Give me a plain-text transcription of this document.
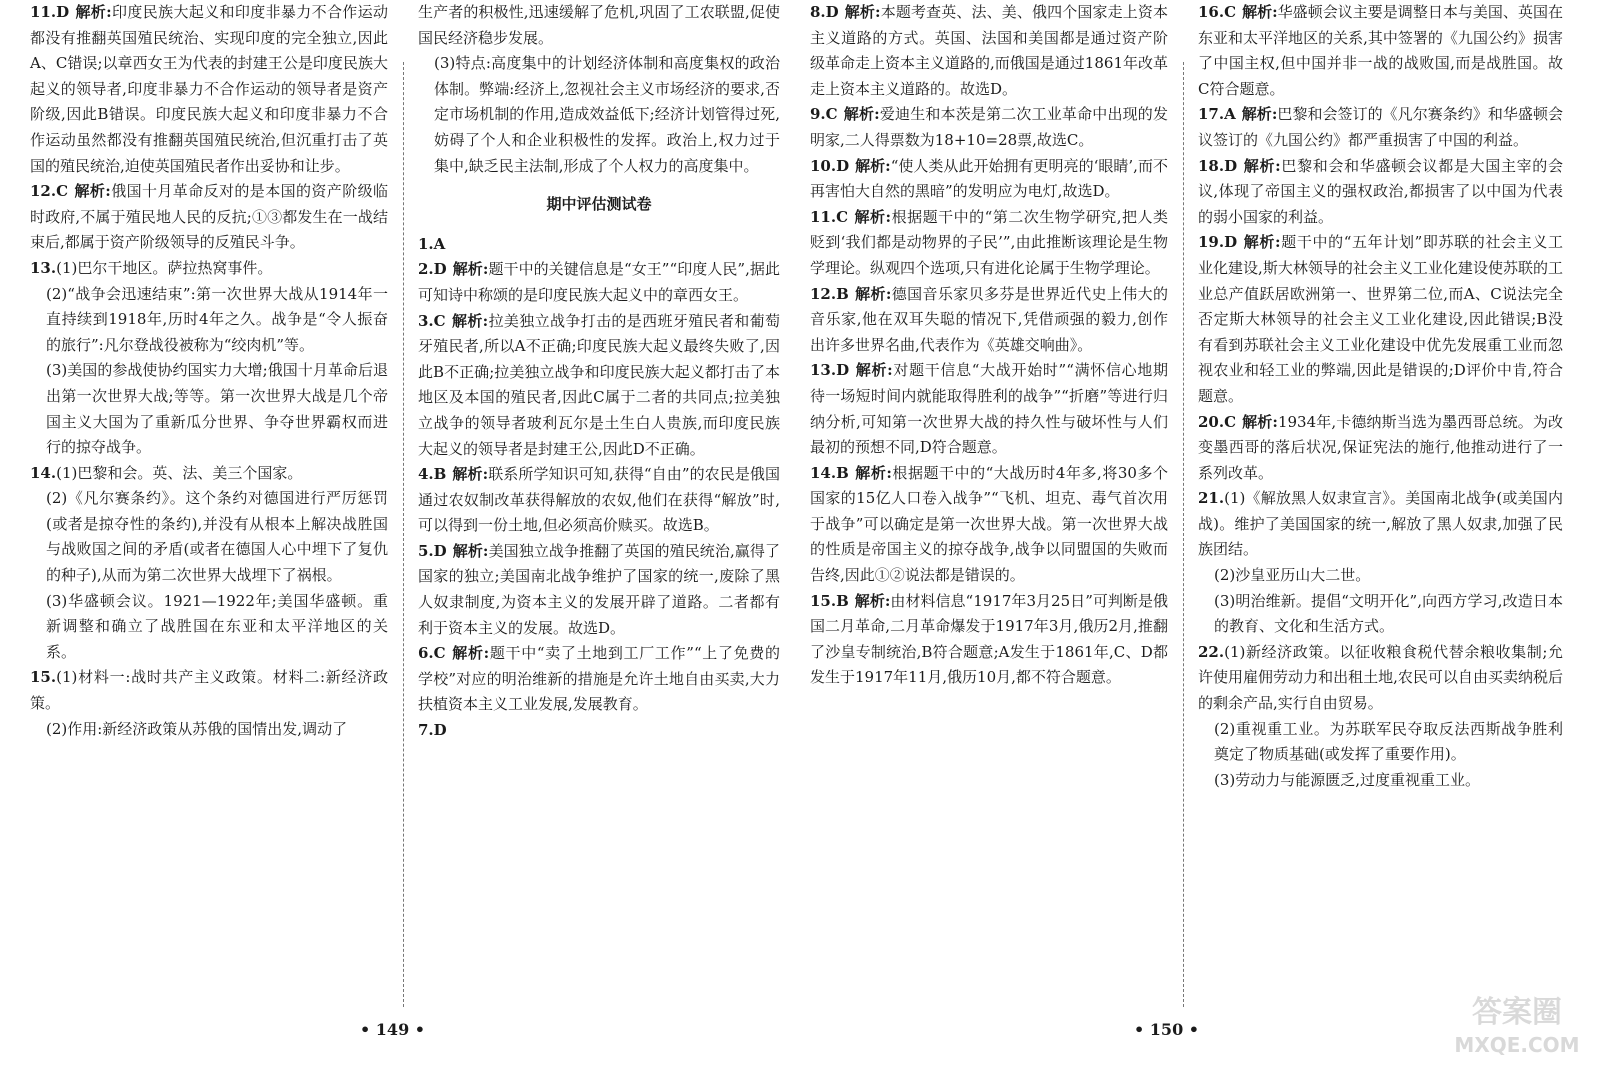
11.D 解析:印度民族大起义和印度非暴力不合作运动都没有推翻英国殖民统治、实现印度的完全独立,因此A、C错误;以章西女王为代表的封建王公是印度民族大起义的领导者,印度非暴力不合作运动的领导者是资产阶级,因此B错误。印度民族大起义和印度非暴力不合作运动虽然都没有推翻英国殖民统治,但沉重打击了英国的殖民统治,迫使英国殖民者作出妥协和让步。

12.C 解析:俄国十月革命反对的是本国的资产阶级临时政府,不属于殖民地人民的反抗;①③都发生在一战结束后,都属于资产阶级领导的反殖民斗争。

13.(1)巴尔干地区。萨拉热窝事件。

(2)“战争会迅速结束”:第一次世界大战从1914年一直持续到1918年,历时4年之久。战争是“令人振奋的旅行”:凡尔登战役被称为“绞肉机”等。

(3)美国的参战使协约国实力大增;俄国十月革命后退出第一次世界大战;等等。第一次世界大战是几个帝国主义大国为了重新瓜分世界、争夺世界霸权而进行的掠夺战争。

14.(1)巴黎和会。英、法、美三个国家。

(2)《凡尔赛条约》。这个条约对德国进行严厉惩罚(或者是掠夺性的条约),并没有从根本上解决战胜国与战败国之间的矛盾(或者在德国人心中埋下了复仇的种子),从而为第二次世界大战埋下了祸根。

(3)华盛顿会议。1921—1922年;美国华盛顿。重新调整和确立了战胜国在东亚和太平洋地区的关系。

15.(1)材料一:战时共产主义政策。材料二:新经济政策。

(2)作用:新经济政策从苏俄的国情出发,调动了

生产者的积极性,迅速缓解了危机,巩固了工农联盟,促使国民经济稳步发展。

(3)特点:高度集中的计划经济体制和高度集权的政治体制。弊端:经济上,忽视社会主义市场经济的要求,否定市场机制的作用,造成效益低下;经济计划管得过死,妨碍了个人和企业积极性的发挥。政治上,权力过于集中,缺乏民主法制,形成了个人权力的高度集中。

期中评估测试卷

1.A

2.D 解析:题干中的关键信息是“女王”“印度人民”,据此可知诗中称颂的是印度民族大起义中的章西女王。

3.C 解析:拉美独立战争打击的是西班牙殖民者和葡萄牙殖民者,所以A不正确;印度民族大起义最终失败了,因此B不正确;拉美独立战争和印度民族大起义都打击了本地区及本国的殖民者,因此C属于二者的共同点;拉美独立战争的领导者玻利瓦尔是土生白人贵族,而印度民族大起义的领导者是封建王公,因此D不正确。

4.B 解析:联系所学知识可知,获得“自由”的农民是俄国通过农奴制改革获得解放的农奴,他们在获得“解放”时,可以得到一份土地,但必须高价赎买。故选B。

5.D 解析:美国独立战争推翻了英国的殖民统治,赢得了国家的独立;美国南北战争维护了国家的统一,废除了黑人奴隶制度,为资本主义的发展开辟了道路。二者都有利于资本主义的发展。故选D。

6.C 解析:题干中“卖了土地到工厂工作”“上了免费的学校”对应的明治维新的措施是允许土地自由买卖,大力扶植资本主义工业发展,发展教育。

7.D

8.D 解析:本题考查英、法、美、俄四个国家走上资本主义道路的方式。英国、法国和美国都是通过资产阶级革命走上资本主义道路的,而俄国是通过1861年改革走上资本主义道路的。故选D。

9.C 解析:爱迪生和本茨是第二次工业革命中出现的发明家,二人得票数为18+10=28票,故选C。

10.D 解析:“使人类从此开始拥有更明亮的‘眼睛’,而不再害怕大自然的黑暗”的发明应为电灯,故选D。

11.C 解析:根据题干中的“第二次生物学研究,把人类贬到‘我们都是动物界的子民’”,由此推断该理论是生物学理论。纵观四个选项,只有进化论属于生物学理论。

12.B 解析:德国音乐家贝多芬是世界近代史上伟大的音乐家,他在双耳失聪的情况下,凭借顽强的毅力,创作出许多世界名曲,代表作为《英雄交响曲》。

13.D 解析:对题干信息“大战开始时”“满怀信心地期待一场短时间内就能取得胜利的战争”“折磨”等进行归纳分析,可知第一次世界大战的持久性与破坏性与人们最初的预想不同,D符合题意。

14.B 解析:根据题干中的“大战历时4年多,将30多个国家的15亿人口卷入战争”“飞机、坦克、毒气首次用于战争”可以确定是第一次世界大战。第一次世界大战的性质是帝国主义的掠夺战争,战争以同盟国的失败而告终,因此①②说法都是错误的。

15.B 解析:由材料信息“1917年3月25日”可判断是俄国二月革命,二月革命爆发于1917年3月,俄历2月,推翻了沙皇专制统治,B符合题意;A发生于1861年,C、D都发生于1917年11月,俄历10月,都不符合题意。

16.C 解析:华盛顿会议主要是调整日本与美国、英国在东亚和太平洋地区的关系,其中签署的《九国公约》损害了中国主权,但中国并非一战的战败国,而是战胜国。故C符合题意。

17.A 解析:巴黎和会签订的《凡尔赛条约》和华盛顿会议签订的《九国公约》都严重损害了中国的利益。

18.D 解析:巴黎和会和华盛顿会议都是大国主宰的会议,体现了帝国主义的强权政治,都损害了以中国为代表的弱小国家的利益。

19.D 解析:题干中的“五年计划”即苏联的社会主义工业化建设,斯大林领导的社会主义工业化建设使苏联的工业总产值跃居欧洲第一、世界第二位,而A、C说法完全否定斯大林领导的社会主义工业化建设,因此错误;B没有看到苏联社会主义工业化建设中优先发展重工业而忽视农业和轻工业的弊端,因此是错误的;D评价中肯,符合题意。

20.C 解析:1934年,卡德纳斯当选为墨西哥总统。为改变墨西哥的落后状况,保证宪法的施行,他推动进行了一系列改革。

21.(1)《解放黑人奴隶宣言》。美国南北战争(或美国内战)。维护了美国国家的统一,解放了黑人奴隶,加强了民族团结。

(2)沙皇亚历山大二世。

(3)明治维新。提倡“文明开化”,向西方学习,改造日本的教育、文化和生活方式。

22.(1)新经济政策。以征收粮食税代替余粮收集制;允许使用雇佣劳动力和出租土地,农民可以自由买卖纳税后的剩余产品,实行自由贸易。

(2)重视重工业。为苏联军民夺取反法西斯战争胜利奠定了物质基础(或发挥了重要作用)。

(3)劳动力与能源匮乏,过度重视重工业。

• 149 •	• 150 •	答案圈
MXQE.COM
